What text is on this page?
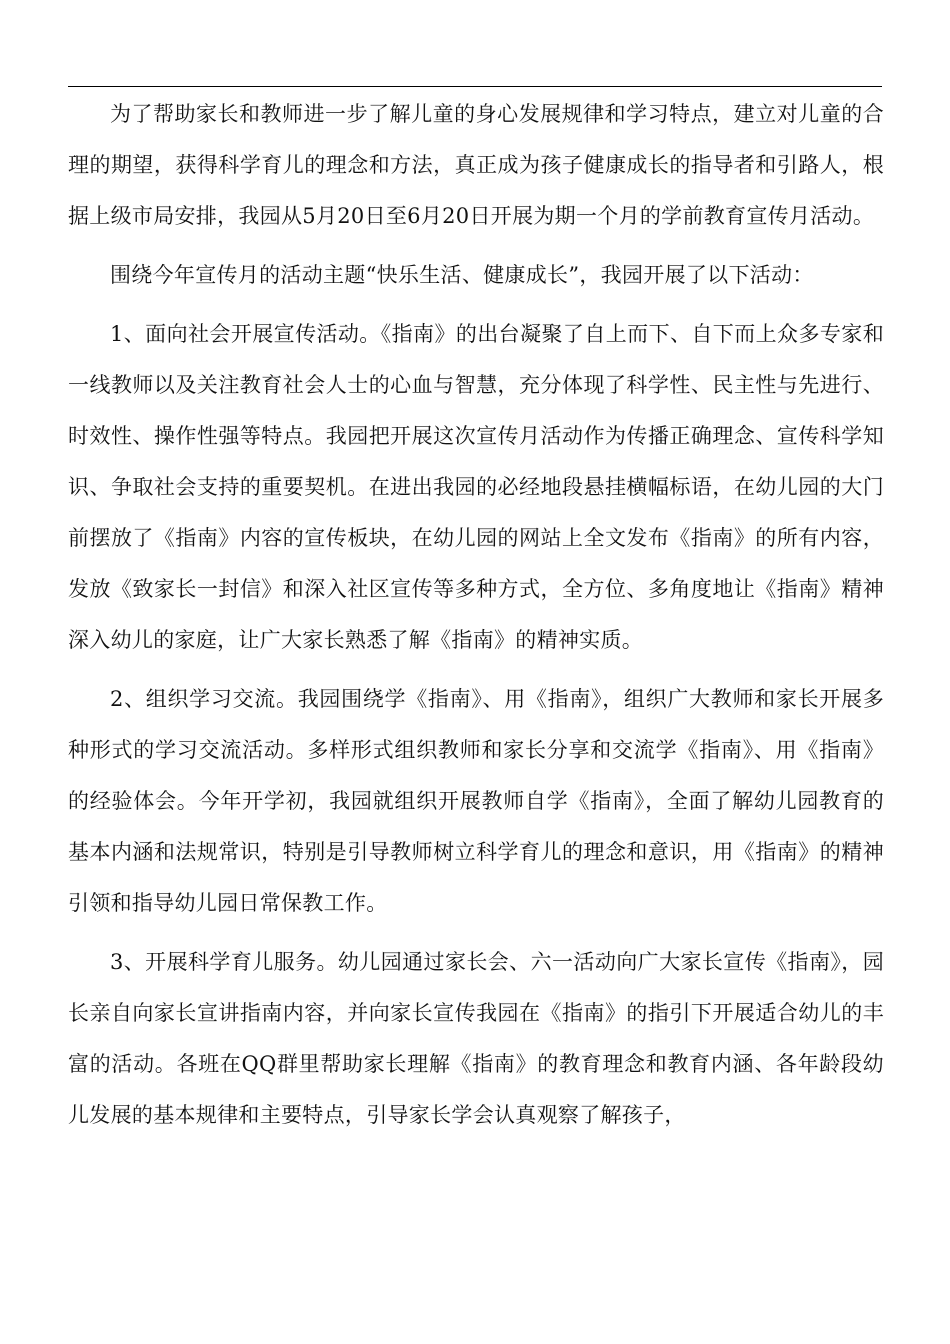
为了帮助家长和教师进一步了解儿童的身心发展规律和学习特点，建立对儿童的合理的期望，获得科学育儿的理念和方法，真正成为孩子健康成长的指导者和引路人，根据上级市局安排，我园从5月20日至6月20日开展为期一个月的学前教育宣传月活动。

围绕今年宣传月的活动主题“快乐生活、健康成长”，我园开展了以下活动：

1、面向社会开展宣传活动。《指南》的出台凝聚了自上而下、自下而上众多专家和一线教师以及关注教育社会人士的心血与智慧，充分体现了科学性、民主性与先进行、时效性、操作性强等特点。我园把开展这次宣传月活动作为传播正确理念、宣传科学知识、争取社会支持的重要契机。在进出我园的必经地段悬挂横幅标语，在幼儿园的大门前摆放了《指南》内容的宣传板块，在幼儿园的网站上全文发布《指南》的所有内容，发放《致家长一封信》和深入社区宣传等多种方式，全方位、多角度地让《指南》精神深入幼儿的家庭，让广大家长熟悉了解《指南》的精神实质。

2、组织学习交流。我园围绕学《指南》、用《指南》，组织广大教师和家长开展多种形式的学习交流活动。多样形式组织教师和家长分享和交流学《指南》、用《指南》的经验体会。今年开学初，我园就组织开展教师自学《指南》，全面了解幼儿园教育的基本内涵和法规常识，特别是引导教师树立科学育儿的理念和意识，用《指南》的精神引领和指导幼儿园日常保教工作。

3、开展科学育儿服务。幼儿园通过家长会、六一活动向广大家长宣传《指南》，园长亲自向家长宣讲指南内容，并向家长宣传我园在《指南》的指引下开展适合幼儿的丰富的活动。各班在QQ群里帮助家长理解《指南》的教育理念和教育内涵、各年龄段幼儿发展的基本规律和主要特点，引导家长学会认真观察了解孩子，
